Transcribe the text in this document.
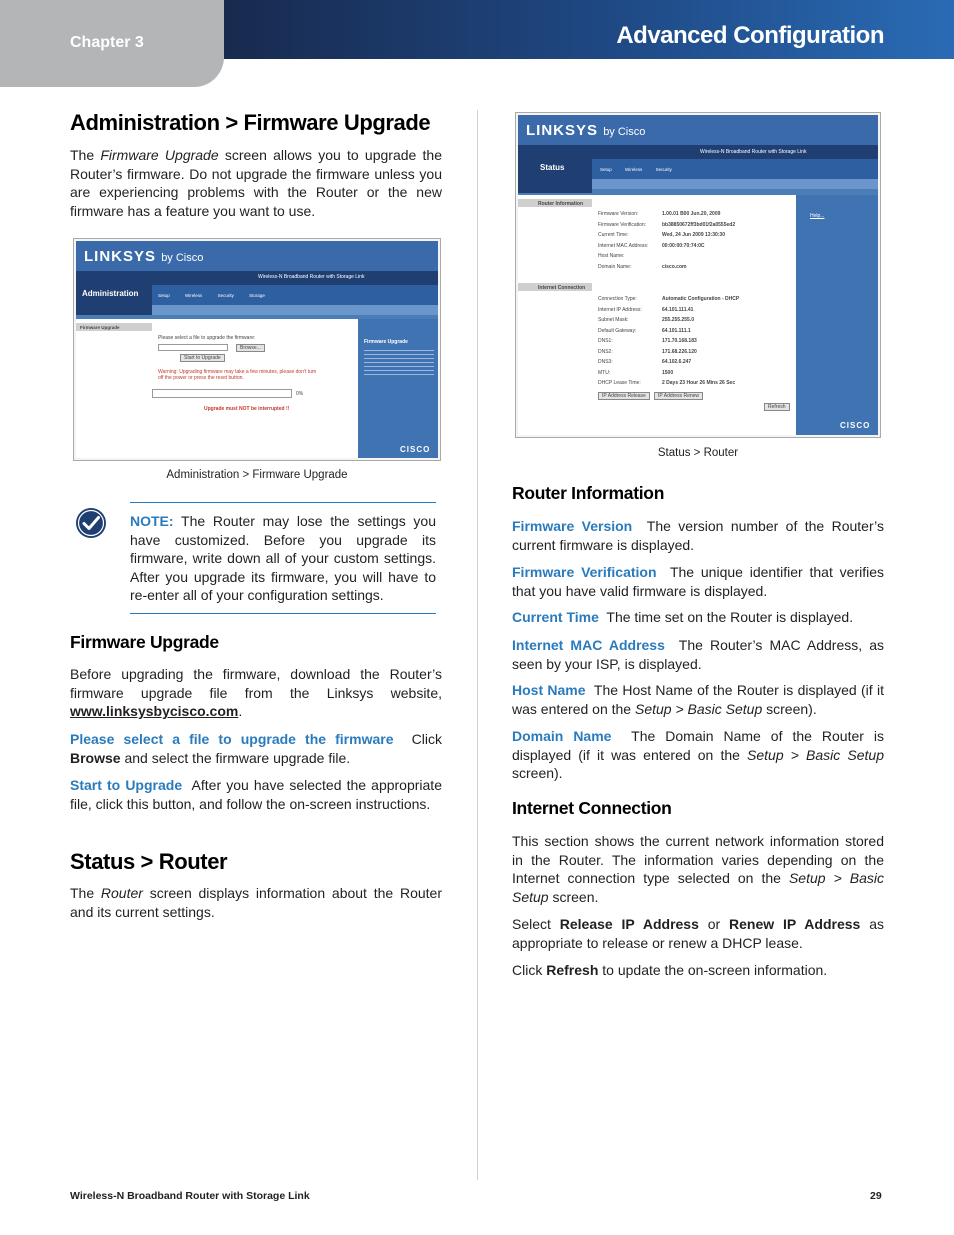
Chapter 3	Advanced Configuration
Administration > Firmware Upgrade

The Firmware Upgrade screen allows you to upgrade the Router’s firmware. Do not upgrade the firmware unless you are experiencing problems with the Router or the new firmware has a feature you want to use.

LINKSYS by Cisco
Administration
Wireless-N Broadband Router with Storage Link
Setup	Wireless	Security	Storage
Firmware Upgrade
Please select a file to upgrade the firmware:
Browse...
Start to Upgrade
Warning: Upgrading firmware may take a few minutes, please don't turn off the power or press the reset button.
0%
Upgrade must NOT be interrupted !!
Firmware Upgrade
CISCO
Administration > Firmware Upgrade

NOTE: The Router may lose the settings you have customized. Before you upgrade its firmware, write down all of your custom settings. After you upgrade its firmware, you will have to re-enter all of your configuration settings.

Firmware Upgrade

Before upgrading the firmware, download the Router’s firmware upgrade file from the Linksys website, www.linksysbycisco.com.

Please select a file to upgrade the firmware Click Browse and select the firmware upgrade file.

Start to Upgrade After you have selected the appropriate file, click this button, and follow the on-screen instructions.

Status > Router

The Router screen displays information about the Router and its current settings.

LINKSYS by Cisco
Status
Wireless-N Broadband Router with Storage Link
Setup	Wireless	Security
Router Information
Internet Connection
Firmware Version:	1.00.01 B00 Jun.20, 2009
Firmware Verification:	bb38850672ff3bd01f2a0555ed2
Current Time:	Wed, 24 Jun 2009 13:30:30
Internet MAC Address:	00:00:00:70:74:0C
Host Name:
Domain Name:	cisco.com
Connection Type:	Automatic Configuration - DHCP
Internet IP Address:	64.101.111.41
Subnet Mask:	255.255.255.0
Default Gateway:	64.101.111.1
DNS1:	171.70.168.183
DNS2:	171.68.226.120
DNS3:	64.102.6.247
MTU:	1500
DHCP Lease Time:	2 Days 23 Hour 26 Mins 26 Sec
IP Address Release	IP Address Renew
Refresh
Help...
CISCO
Status > Router
Router Information

Firmware Version The version number of the Router’s current firmware is displayed.

Firmware Verification The unique identifier that verifies that you have valid firmware is displayed.

Current Time The time set on the Router is displayed.

Internet MAC Address The Router’s MAC Address, as seen by your ISP, is displayed.

Host Name The Host Name of the Router is displayed (if it was entered on the Setup > Basic Setup screen).

Domain Name The Domain Name of the Router is displayed (if it was entered on the Setup > Basic Setup screen).

Internet Connection

This section shows the current network information stored in the Router. The information varies depending on the Internet connection type selected on the Setup > Basic Setup screen.

Select Release IP Address or Renew IP Address as appropriate to release or renew a DHCP lease.

Click Refresh to update the on-screen information.

Wireless-N Broadband Router with Storage Link	29
